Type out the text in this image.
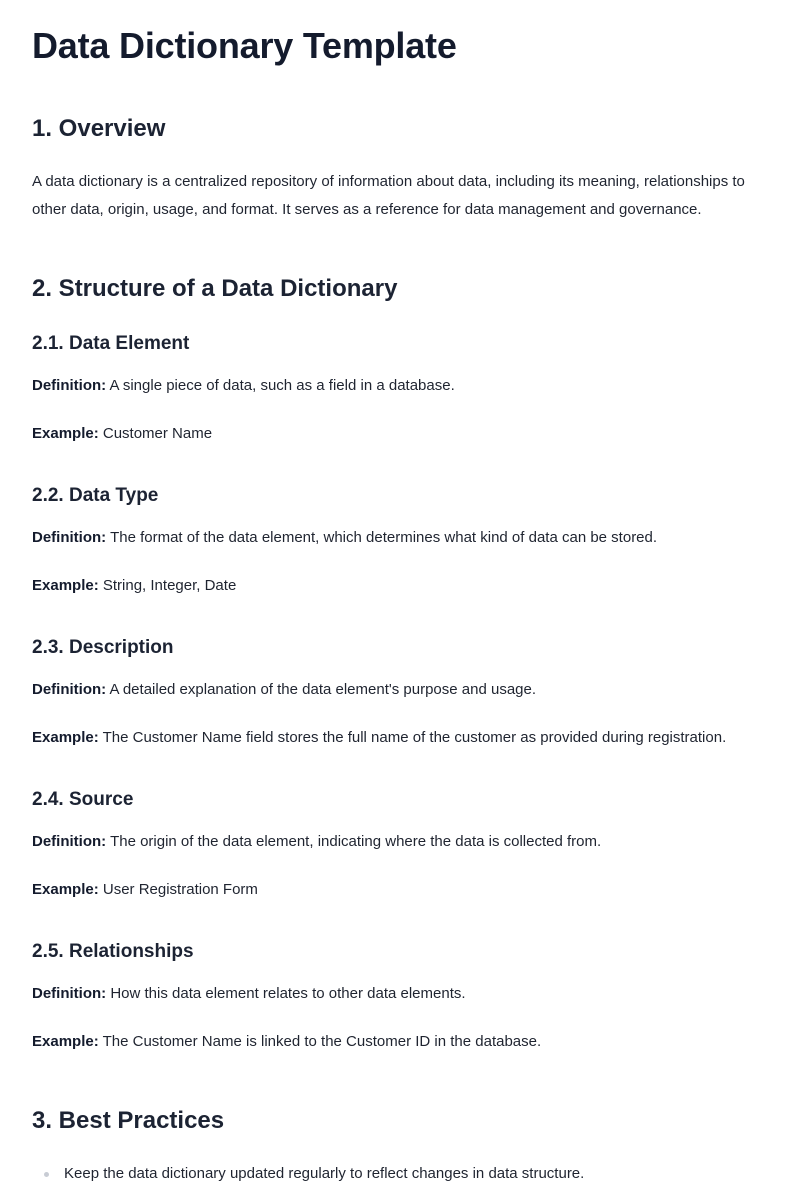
Data Dictionary Template
1. Overview

A data dictionary is a centralized repository of information about data, including its meaning, relationships to other data, origin, usage, and format. It serves as a reference for data management and governance.

2. Structure of a Data Dictionary
2.1. Data Element
Definition: A single piece of data, such as a field in a database.
Example: Customer Name
2.2. Data Type
Definition: The format of the data element, which determines what kind of data can be stored.
Example: String, Integer, Date
2.3. Description
Definition: A detailed explanation of the data element's purpose and usage.
Example: The Customer Name field stores the full name of the customer as provided during registration.
2.4. Source
Definition: The origin of the data element, indicating where the data is collected from.
Example: User Registration Form
2.5. Relationships
Definition: How this data element relates to other data elements.
Example: The Customer Name is linked to the Customer ID in the database.
3. Best Practices
Keep the data dictionary updated regularly to reflect changes in data structure.
